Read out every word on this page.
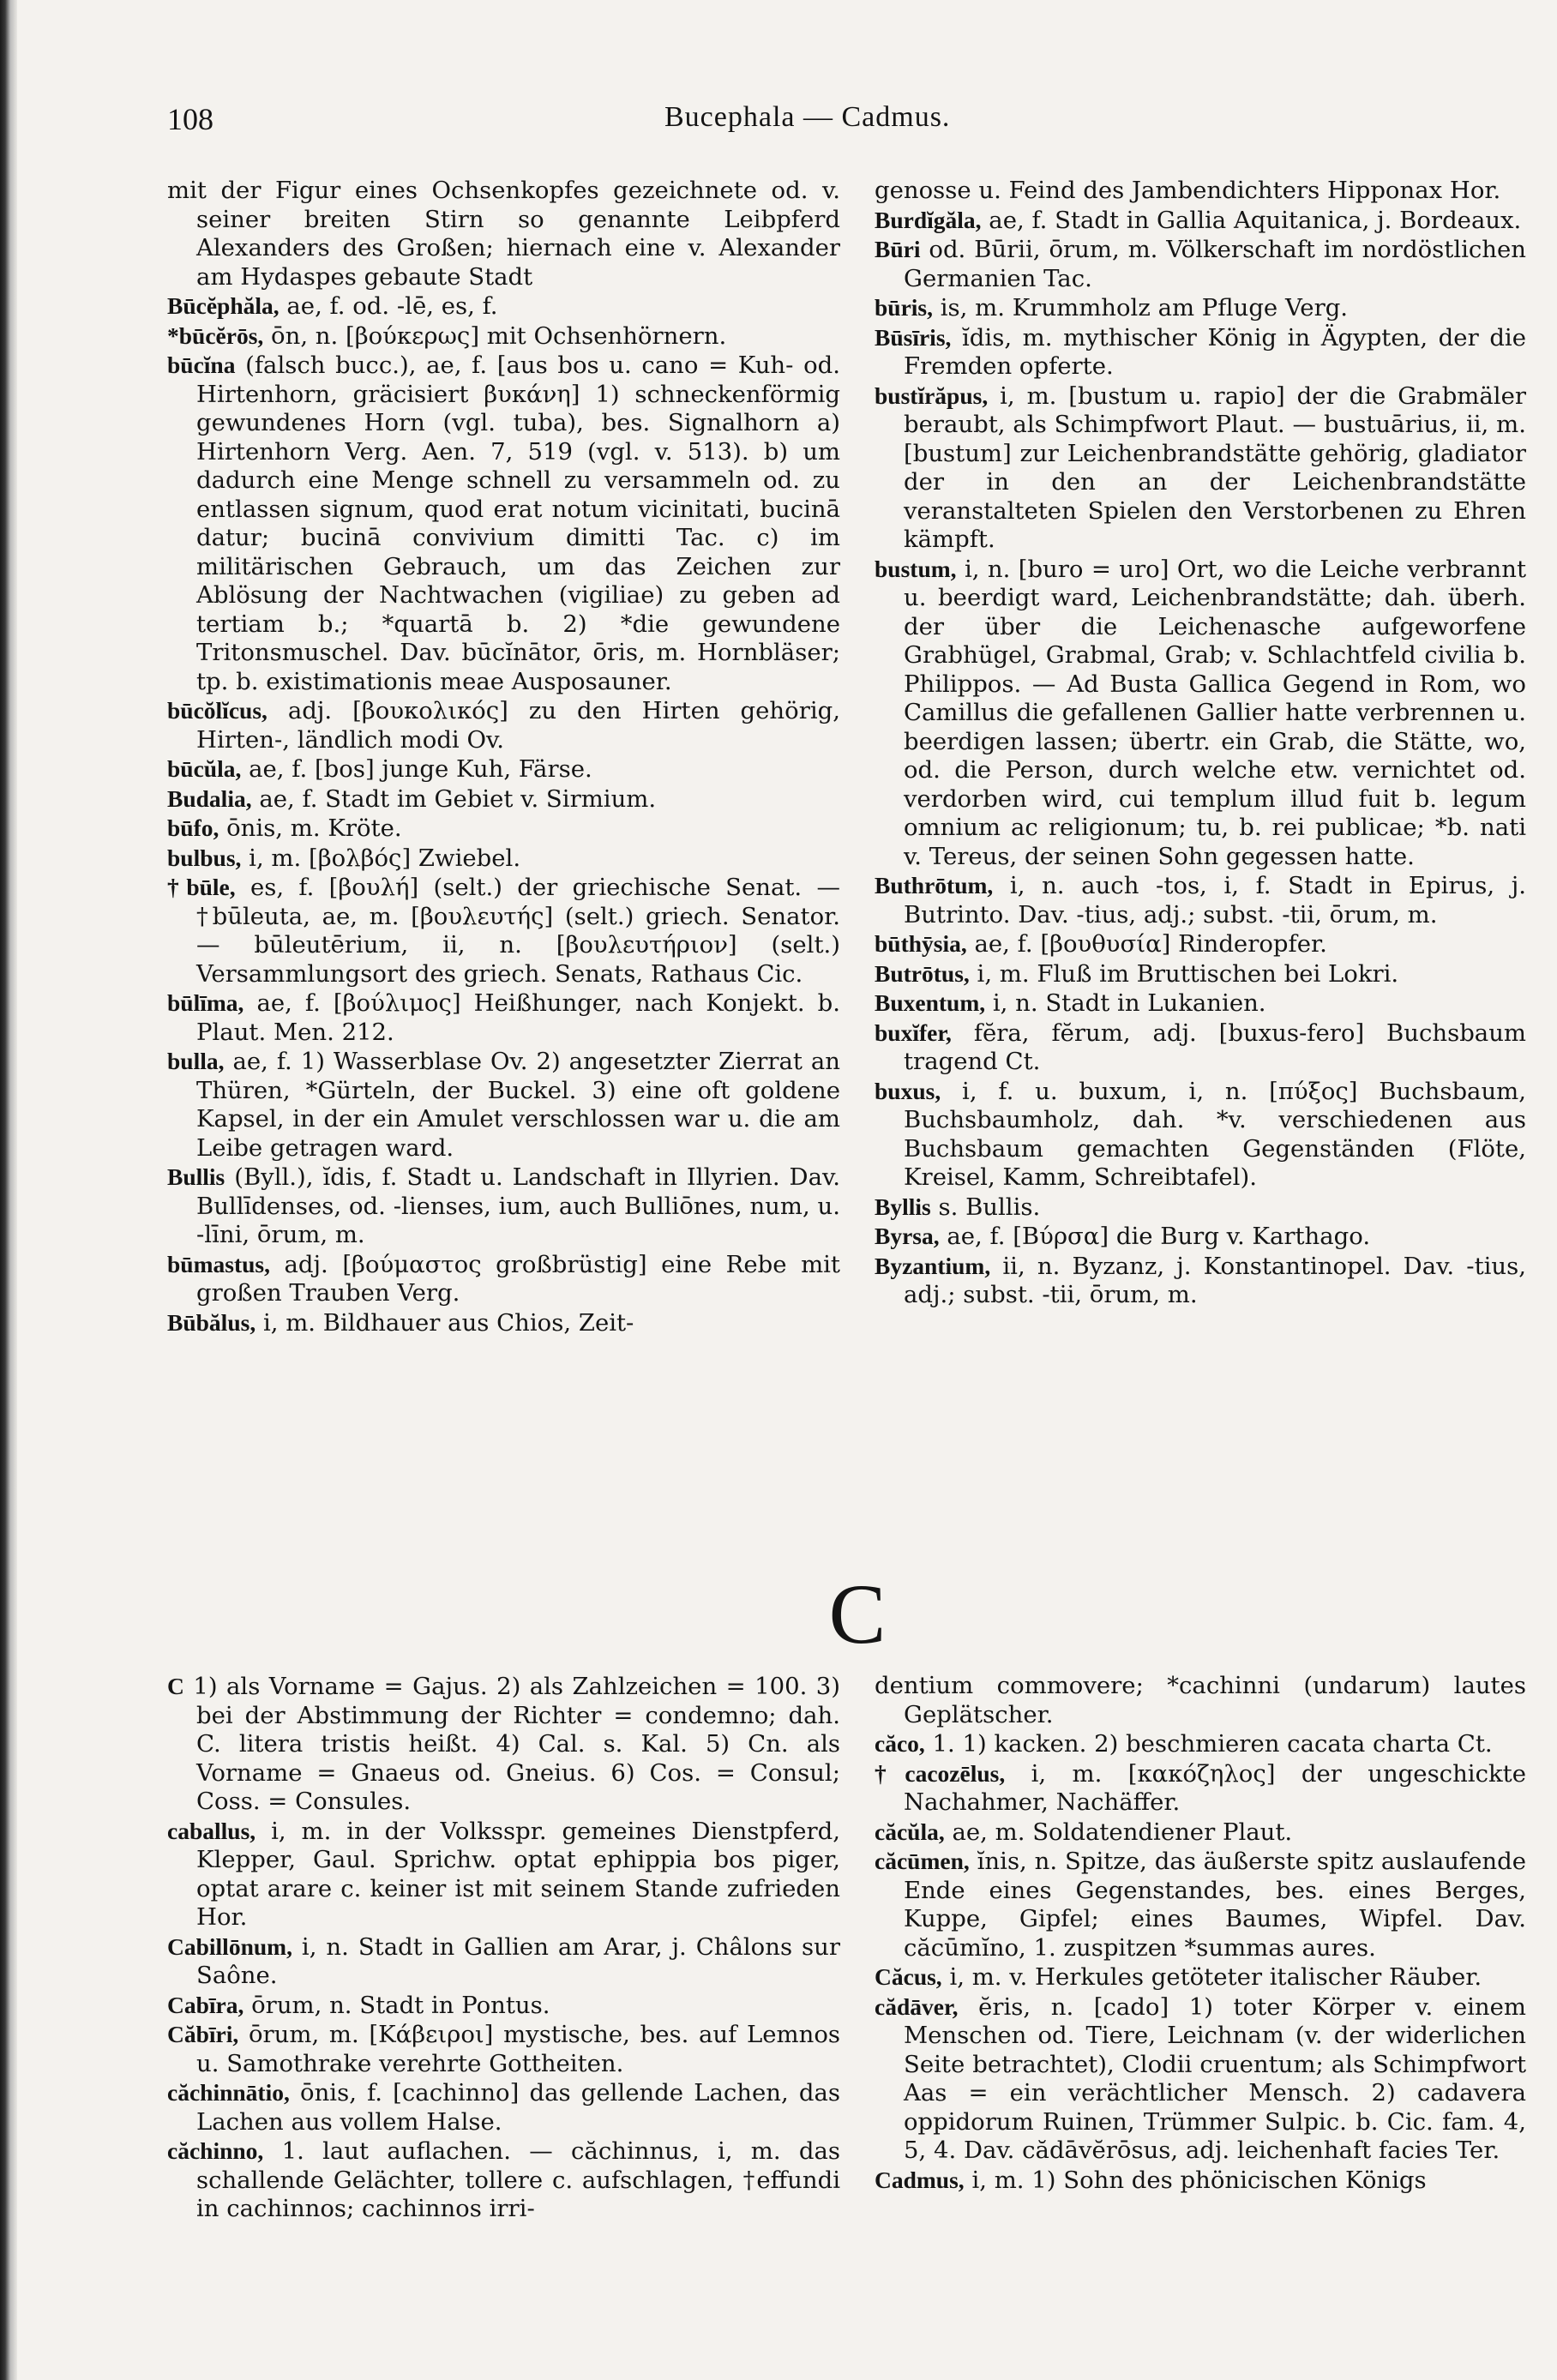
108	Bucephala — Cadmus.

mit der Figur eines Ochsenkopfes gezeichnete od. v. seiner breiten Stirn so genannte Leibpferd Alexanders des Großen; hiernach eine v. Alexander am Hydaspes gebaute Stadt

Būcĕphăla, ae, f. od. -lē, es, f.

*būcĕrōs, ōn, n. [βούκερως] mit Ochsenhörnern.

būcĭna (falsch bucc.), ae, f. [aus bos u. cano = Kuh- od. Hirtenhorn, gräcisiert βυκάνη] 1) schneckenförmig gewundenes Horn (vgl. tuba), bes. Signalhorn a) Hirtenhorn Verg. Aen. 7, 519 (vgl. v. 513). b) um dadurch eine Menge schnell zu versammeln od. zu entlassen signum, quod erat notum vicinitati, bucinā datur; bucinā convivium dimitti Tac. c) im militärischen Gebrauch, um das Zeichen zur Ablösung der Nachtwachen (vigiliae) zu geben ad tertiam b.; *quartā b. 2) *die gewundene Tritonsmuschel. Dav. būcĭnātor, ōris, m. Hornbläser; tp. b. existimationis meae Ausposauner.

būcŏlĭcus, adj. [βουκολικός] zu den Hirten gehörig, Hirten-, ländlich modi Ov.

būcŭla, ae, f. [bos] junge Kuh, Färse.

Budalia, ae, f. Stadt im Gebiet v. Sirmium.

būfo, ōnis, m. Kröte.

bulbus, i, m. [βολβός] Zwiebel.

†būle, es, f. [βουλή] (selt.) der griechische Senat. — †būleuta, ae, m. [βουλευτής] (selt.) griech. Senator. — būleutērium, ii, n. [βουλευτήριον] (selt.) Versammlungsort des griech. Senats, Rathaus Cic.

būlīma, ae, f. [βούλιμος] Heißhunger, nach Konjekt. b. Plaut. Men. 212.

bulla, ae, f. 1) Wasserblase Ov. 2) angesetzter Zierrat an Thüren, *Gürteln, der Buckel. 3) eine oft goldene Kapsel, in der ein Amulet verschlossen war u. die am Leibe getragen ward.

Bullis (Byll.), ĭdis, f. Stadt u. Landschaft in Illyrien. Dav. Bullīdenses, od. -lienses, ium, auch Bulliōnes, num, u. -līni, ōrum, m.

būmastus, adj. [βούμαστος großbrüstig] eine Rebe mit großen Trauben Verg.

Būbălus, i, m. Bildhauer aus Chios, Zeit-

genosse u. Feind des Jambendichters Hipponax Hor.

Burdĭgăla, ae, f. Stadt in Gallia Aquitanica, j. Bordeaux.

Būri od. Būrii, ōrum, m. Völkerschaft im nordöstlichen Germanien Tac.

būris, is, m. Krummholz am Pfluge Verg.

Būsīris, ĭdis, m. mythischer König in Ägypten, der die Fremden opferte.

bustĭrăpus, i, m. [bustum u. rapio] der die Grabmäler beraubt, als Schimpfwort Plaut. — bustuārius, ii, m. [bustum] zur Leichenbrandstätte gehörig, gladiator der in den an der Leichenbrandstätte veranstalteten Spielen den Verstorbenen zu Ehren kämpft.

bustum, i, n. [buro = uro] Ort, wo die Leiche verbrannt u. beerdigt ward, Leichenbrandstätte; dah. überh. der über die Leichenasche aufgeworfene Grabhügel, Grabmal, Grab; v. Schlachtfeld civilia b. Philippos. — Ad Busta Gallica Gegend in Rom, wo Camillus die gefallenen Gallier hatte verbrennen u. beerdigen lassen; übertr. ein Grab, die Stätte, wo, od. die Person, durch welche etw. vernichtet od. verdorben wird, cui templum illud fuit b. legum omnium ac religionum; tu, b. rei publicae; *b. nati v. Tereus, der seinen Sohn gegessen hatte.

Buthrōtum, i, n. auch -tos, i, f. Stadt in Epirus, j. Butrinto. Dav. -tius, adj.; subst. -tii, ōrum, m.

būthȳsia, ae, f. [βουθυσία] Rinderopfer.

Butrōtus, i, m. Fluß im Bruttischen bei Lokri.

Buxentum, i, n. Stadt in Lukanien.

buxĭfer, fĕra, fĕrum, adj. [buxus-fero] Buchsbaum tragend Ct.

buxus, i, f. u. buxum, i, n. [πύξος] Buchsbaum, Buchsbaumholz, dah. *v. verschiedenen aus Buchsbaum gemachten Gegenständen (Flöte, Kreisel, Kamm, Schreibtafel).

Byllis s. Bullis.

Byrsa, ae, f. [Βύρσα] die Burg v. Karthago.

Byzantium, ii, n. Byzanz, j. Konstantinopel. Dav. -tius, adj.; subst. -tii, ōrum, m.

C

C 1) als Vorname = Gajus. 2) als Zahlzeichen = 100. 3) bei der Abstimmung der Richter = condemno; dah. C. litera tristis heißt. 4) Cal. s. Kal. 5) Cn. als Vorname = Gnaeus od. Gneius. 6) Cos. = Consul; Coss. = Consules.

caballus, i, m. in der Volksspr. gemeines Dienstpferd, Klepper, Gaul. Sprichw. optat ephippia bos piger, optat arare c. keiner ist mit seinem Stande zufrieden Hor.

Cabillōnum, i, n. Stadt in Gallien am Arar, j. Châlons sur Saône.

Cabīra, ōrum, n. Stadt in Pontus.

Căbīri, ōrum, m. [Κάβειροι] mystische, bes. auf Lemnos u. Samothrake verehrte Gottheiten.

căchinnātio, ōnis, f. [cachinno] das gellende Lachen, das Lachen aus vollem Halse.

căchinno, 1. laut auflachen. — căchinnus, i, m. das schallende Gelächter, tollere c. aufschlagen, †effundi in cachinnos; cachinnos irri-

dentium commovere; *cachinni (undarum) lautes Geplätscher.

căco, 1. 1) kacken. 2) beschmieren cacata charta Ct.

†cacozēlus, i, m. [κακόζηλος] der ungeschickte Nachahmer, Nachäffer.

căcŭla, ae, m. Soldatendiener Plaut.

căcūmen, ĭnis, n. Spitze, das äußerste spitz auslaufende Ende eines Gegenstandes, bes. eines Berges, Kuppe, Gipfel; eines Baumes, Wipfel. Dav. căcūmĭno, 1. zuspitzen *summas aures.

Căcus, i, m. v. Herkules getöteter italischer Räuber.

cădāver, ĕris, n. [cado] 1) toter Körper v. einem Menschen od. Tiere, Leichnam (v. der widerlichen Seite betrachtet), Clodii cruentum; als Schimpfwort Aas = ein verächtlicher Mensch. 2) cadavera oppidorum Ruinen, Trümmer Sulpic. b. Cic. fam. 4, 5, 4. Dav. cădāvĕrōsus, adj. leichenhaft facies Ter.

Cadmus, i, m. 1) Sohn des phönicischen Königs
